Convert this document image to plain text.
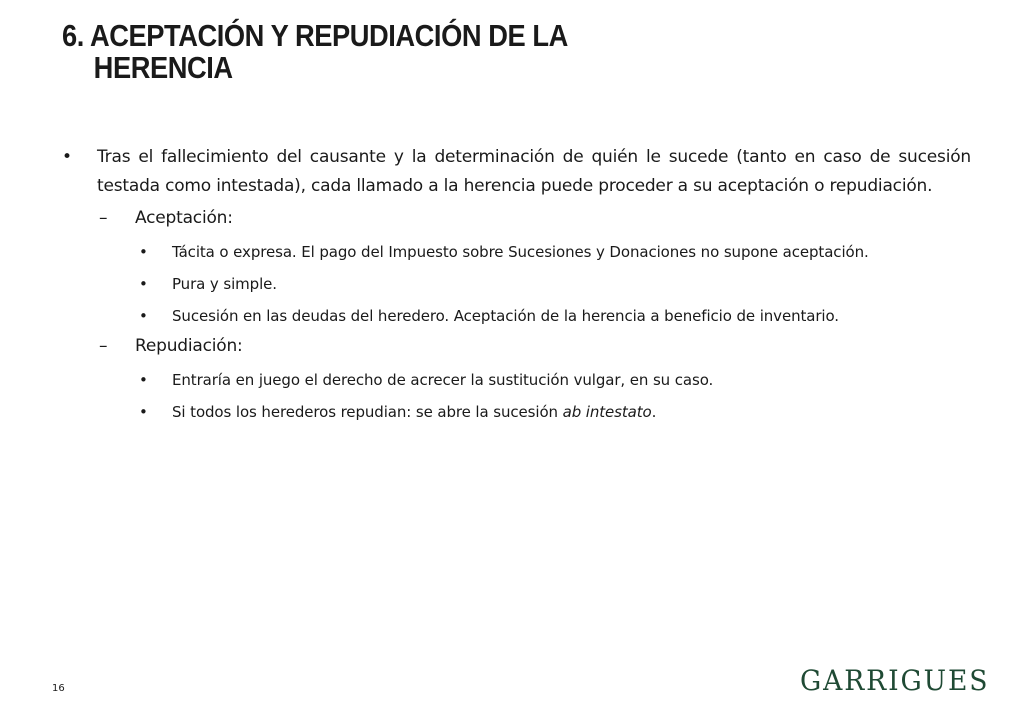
6. ACEPTACIÓN Y REPUDIACIÓN DE LA
HERENCIA
• Tras el fallecimiento del causante y la determinación de quién le sucede (tanto en caso de sucesión testada como intestada), cada llamado a la herencia puede proceder a su aceptación o repudiación.
– Aceptación:
• Tácita o expresa. El pago del Impuesto sobre Sucesiones y Donaciones no supone aceptación.
• Pura y simple.
• Sucesión en las deudas del heredero. Aceptación de la herencia a beneficio de inventario.
– Repudiación:
• Entraría en juego el derecho de acrecer la sustitución vulgar, en su caso.
• Si todos los herederos repudian: se abre la sucesión ab intestato.
16	GARRIGUES
